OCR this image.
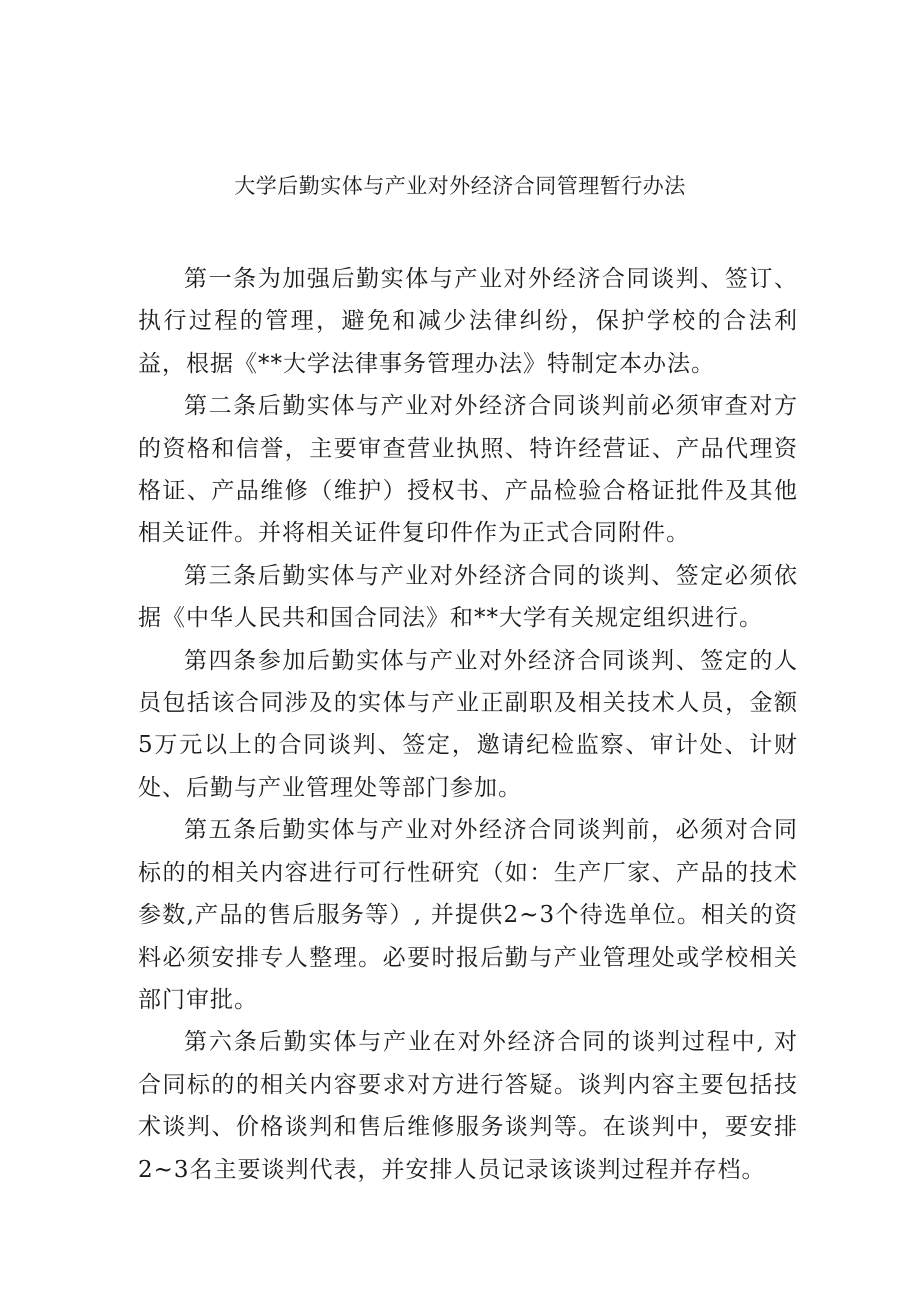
大学后勤实体与产业对外经济合同管理暂行办法

第一条为加强后勤实体与产业对外经济合同谈判、签订、执行过程的管理，避免和减少法律纠纷，保护学校的合法利益，根据《**大学法律事务管理办法》特制定本办法。

第二条后勤实体与产业对外经济合同谈判前必须审查对方的资格和信誉，主要审查营业执照、特许经营证、产品代理资格证、产品维修（维护）授权书、产品检验合格证批件及其他相关证件。并将相关证件复印件作为正式合同附件。

第三条后勤实体与产业对外经济合同的谈判、签定必须依据《中华人民共和国合同法》和**大学有关规定组织进行。

第四条参加后勤实体与产业对外经济合同谈判、签定的人员包括该合同涉及的实体与产业正副职及相关技术人员，金额5万元以上的合同谈判、签定，邀请纪检监察、审计处、计财处、后勤与产业管理处等部门参加。

第五条后勤实体与产业对外经济合同谈判前，必须对合同标的的相关内容进行可行性研究（如：生产厂家、产品的技术参数,产品的售后服务等）, 并提供2~3个待选单位。相关的资料必须安排专人整理。必要时报后勤与产业管理处或学校相关部门审批。

第六条后勤实体与产业在对外经济合同的谈判过程中, 对合同标的的相关内容要求对方进行答疑。谈判内容主要包括技术谈判、价格谈判和售后维修服务谈判等。在谈判中，要安排2~3名主要谈判代表，并安排人员记录该谈判过程并存档。
